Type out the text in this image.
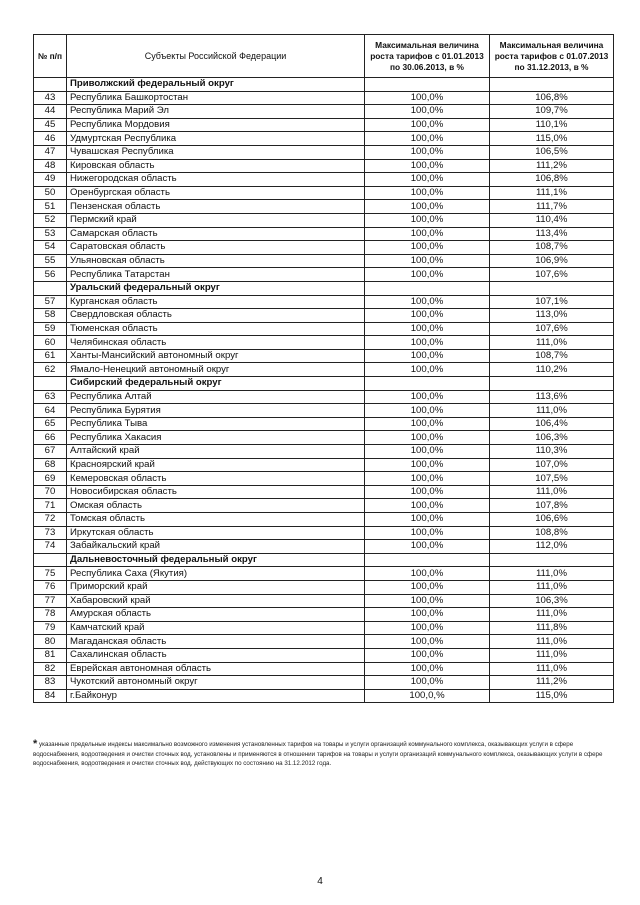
№ п/п	Субъекты Российской Федерации	Максимальная величина роста тарифов с 01.01.2013 по 30.06.2013, в %	Максимальная величина роста тарифов с 01.07.2013 по 31.12.2013, в %
	Приволжский федеральный округ		
43	Республика Башкортостан	100,0%	106,8%
44	Республика Марий Эл	100,0%	109,7%
45	Республика Мордовия	100,0%	110,1%
46	Удмуртская Республика	100,0%	115,0%
47	Чувашская Республика	100,0%	106,5%
48	Кировская область	100,0%	111,2%
49	Нижегородская область	100,0%	106,8%
50	Оренбургская область	100,0%	111,1%
51	Пензенская область	100,0%	111,7%
52	Пермский край	100,0%	110,4%
53	Самарская область	100,0%	113,4%
54	Саратовская область	100,0%	108,7%
55	Ульяновская область	100,0%	106,9%
56	Республика Татарстан	100,0%	107,6%
	Уральский федеральный округ		
57	Курганская область	100,0%	107,1%
58	Свердловская область	100,0%	113,0%
59	Тюменская область	100,0%	107,6%
60	Челябинская область	100,0%	111,0%
61	Ханты-Мансийский автономный округ	100,0%	108,7%
62	Ямало-Ненецкий автономный округ	100,0%	110,2%
	Сибирский федеральный округ		
63	Республика Алтай	100,0%	113,6%
64	Республика Бурятия	100,0%	111,0%
65	Республика Тыва	100,0%	106,4%
66	Республика Хакасия	100,0%	106,3%
67	Алтайский край	100,0%	110,3%
68	Красноярский край	100,0%	107,0%
69	Кемеровская область	100,0%	107,5%
70	Новосибирская область	100,0%	111,0%
71	Омская область	100,0%	107,8%
72	Томская область	100,0%	106,6%
73	Иркутская область	100,0%	108,8%
74	Забайкальский край	100,0%	112,0%
	Дальневосточный федеральный округ		
75	Республика Саха (Якутия)	100,0%	111,0%
76	Приморский край	100,0%	111,0%
77	Хабаровский край	100,0%	106,3%
78	Амурская область	100,0%	111,0%
79	Камчатский край	100,0%	111,8%
80	Магаданская область	100,0%	111,0%
81	Сахалинская область	100,0%	111,0%
82	Еврейская автономная область	100,0%	111,0%
83	Чукотский автономный округ	100,0%	111,2%
84	г.Байконур	100,0,%	115,0%
* указанные предельные индексы максимально возможного изменения установленных тарифов на товары и услуги организаций коммунального комплекса, оказывающих услуги в сфере водоснабжения, водоотведения и очистки сточных вод, установлены и применяются в отношении тарифов на товары и услуги организаций коммунального комплекса, оказывающих услуги в сфере водоснабжения, водоотведения и очистки сточных вод, действующих по состоянию на 31.12.2012 года.
4
